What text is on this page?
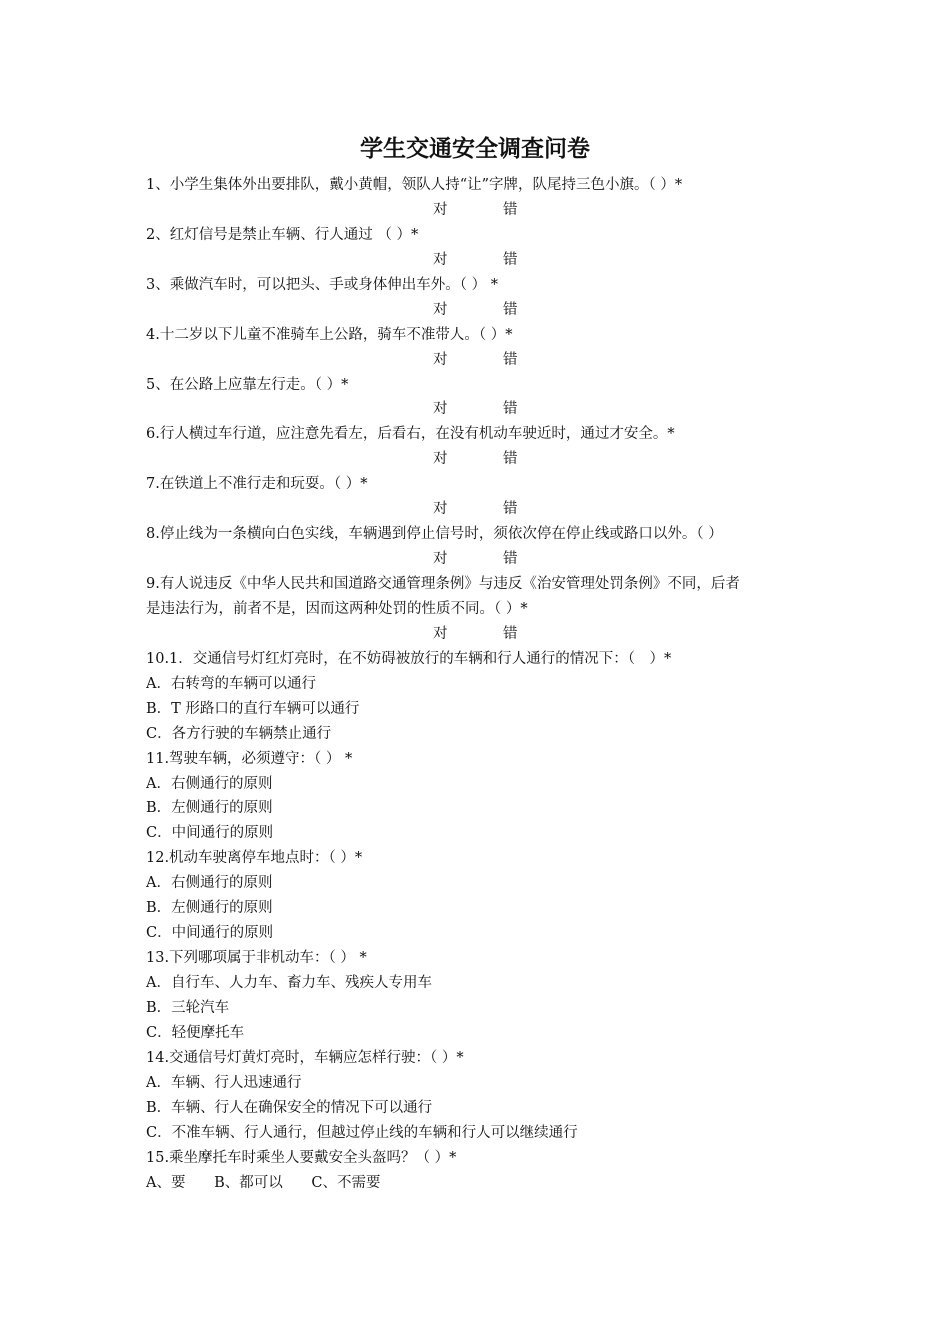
学生交通安全调查问卷
1、小学生集体外出要排队，戴小黄帽，领队人持“让”字牌，队尾持三色小旗。（ ）*
对	错
2、红灯信号是禁止车辆、行人通过 （ ）*
对	错
3、乘做汽车时，可以把头、手或身体伸出车外。（ ） *
对	错
4.十二岁以下儿童不准骑车上公路，骑车不准带人。（ ）*
对	错
5、在公路上应靠左行走。（ ）*
对	错
6.行人横过车行道，应注意先看左，后看右，在没有机动车驶近时，通过才安全。*
对	错
7.在铁道上不准行走和玩耍。（ ）*
对	错
8.停止线为一条横向白色实线，车辆遇到停止信号时，须依次停在停止线或路口以外。（ ）
对	错
9.有人说违反《中华人民共和国道路交通管理条例》与违反《治安管理处罚条例》不同，后者
是违法行为，前者不是，因而这两种处罚的性质不同。（ ）*
对	错
10.1．交通信号灯红灯亮时，在不妨碍被放行的车辆和行人通行的情况下：（　）*
A．右转弯的车辆可以通行
B．T 形路口的直行车辆可以通行
C．各方行驶的车辆禁止通行
11.驾驶车辆，必须遵守：（ ） *
A．右侧通行的原则
B．左侧通行的原则
C．中间通行的原则
12.机动车驶离停车地点时：（ ）*
A．右侧通行的原则
B．左侧通行的原则
C．中间通行的原则
13.下列哪项属于非机动车：（ ） *
A．自行车、人力车、畜力车、残疾人专用车
B．三轮汽车
C．轻便摩托车
14.交通信号灯黄灯亮时，车辆应怎样行驶：（ ）*
A．车辆、行人迅速通行
B．车辆、行人在确保安全的情况下可以通行
C．不准车辆、行人通行，但越过停止线的车辆和行人可以继续通行
15.乘坐摩托车时乘坐人要戴安全头盔吗？（ ）*
A、要 B、都可以 C、不需要
